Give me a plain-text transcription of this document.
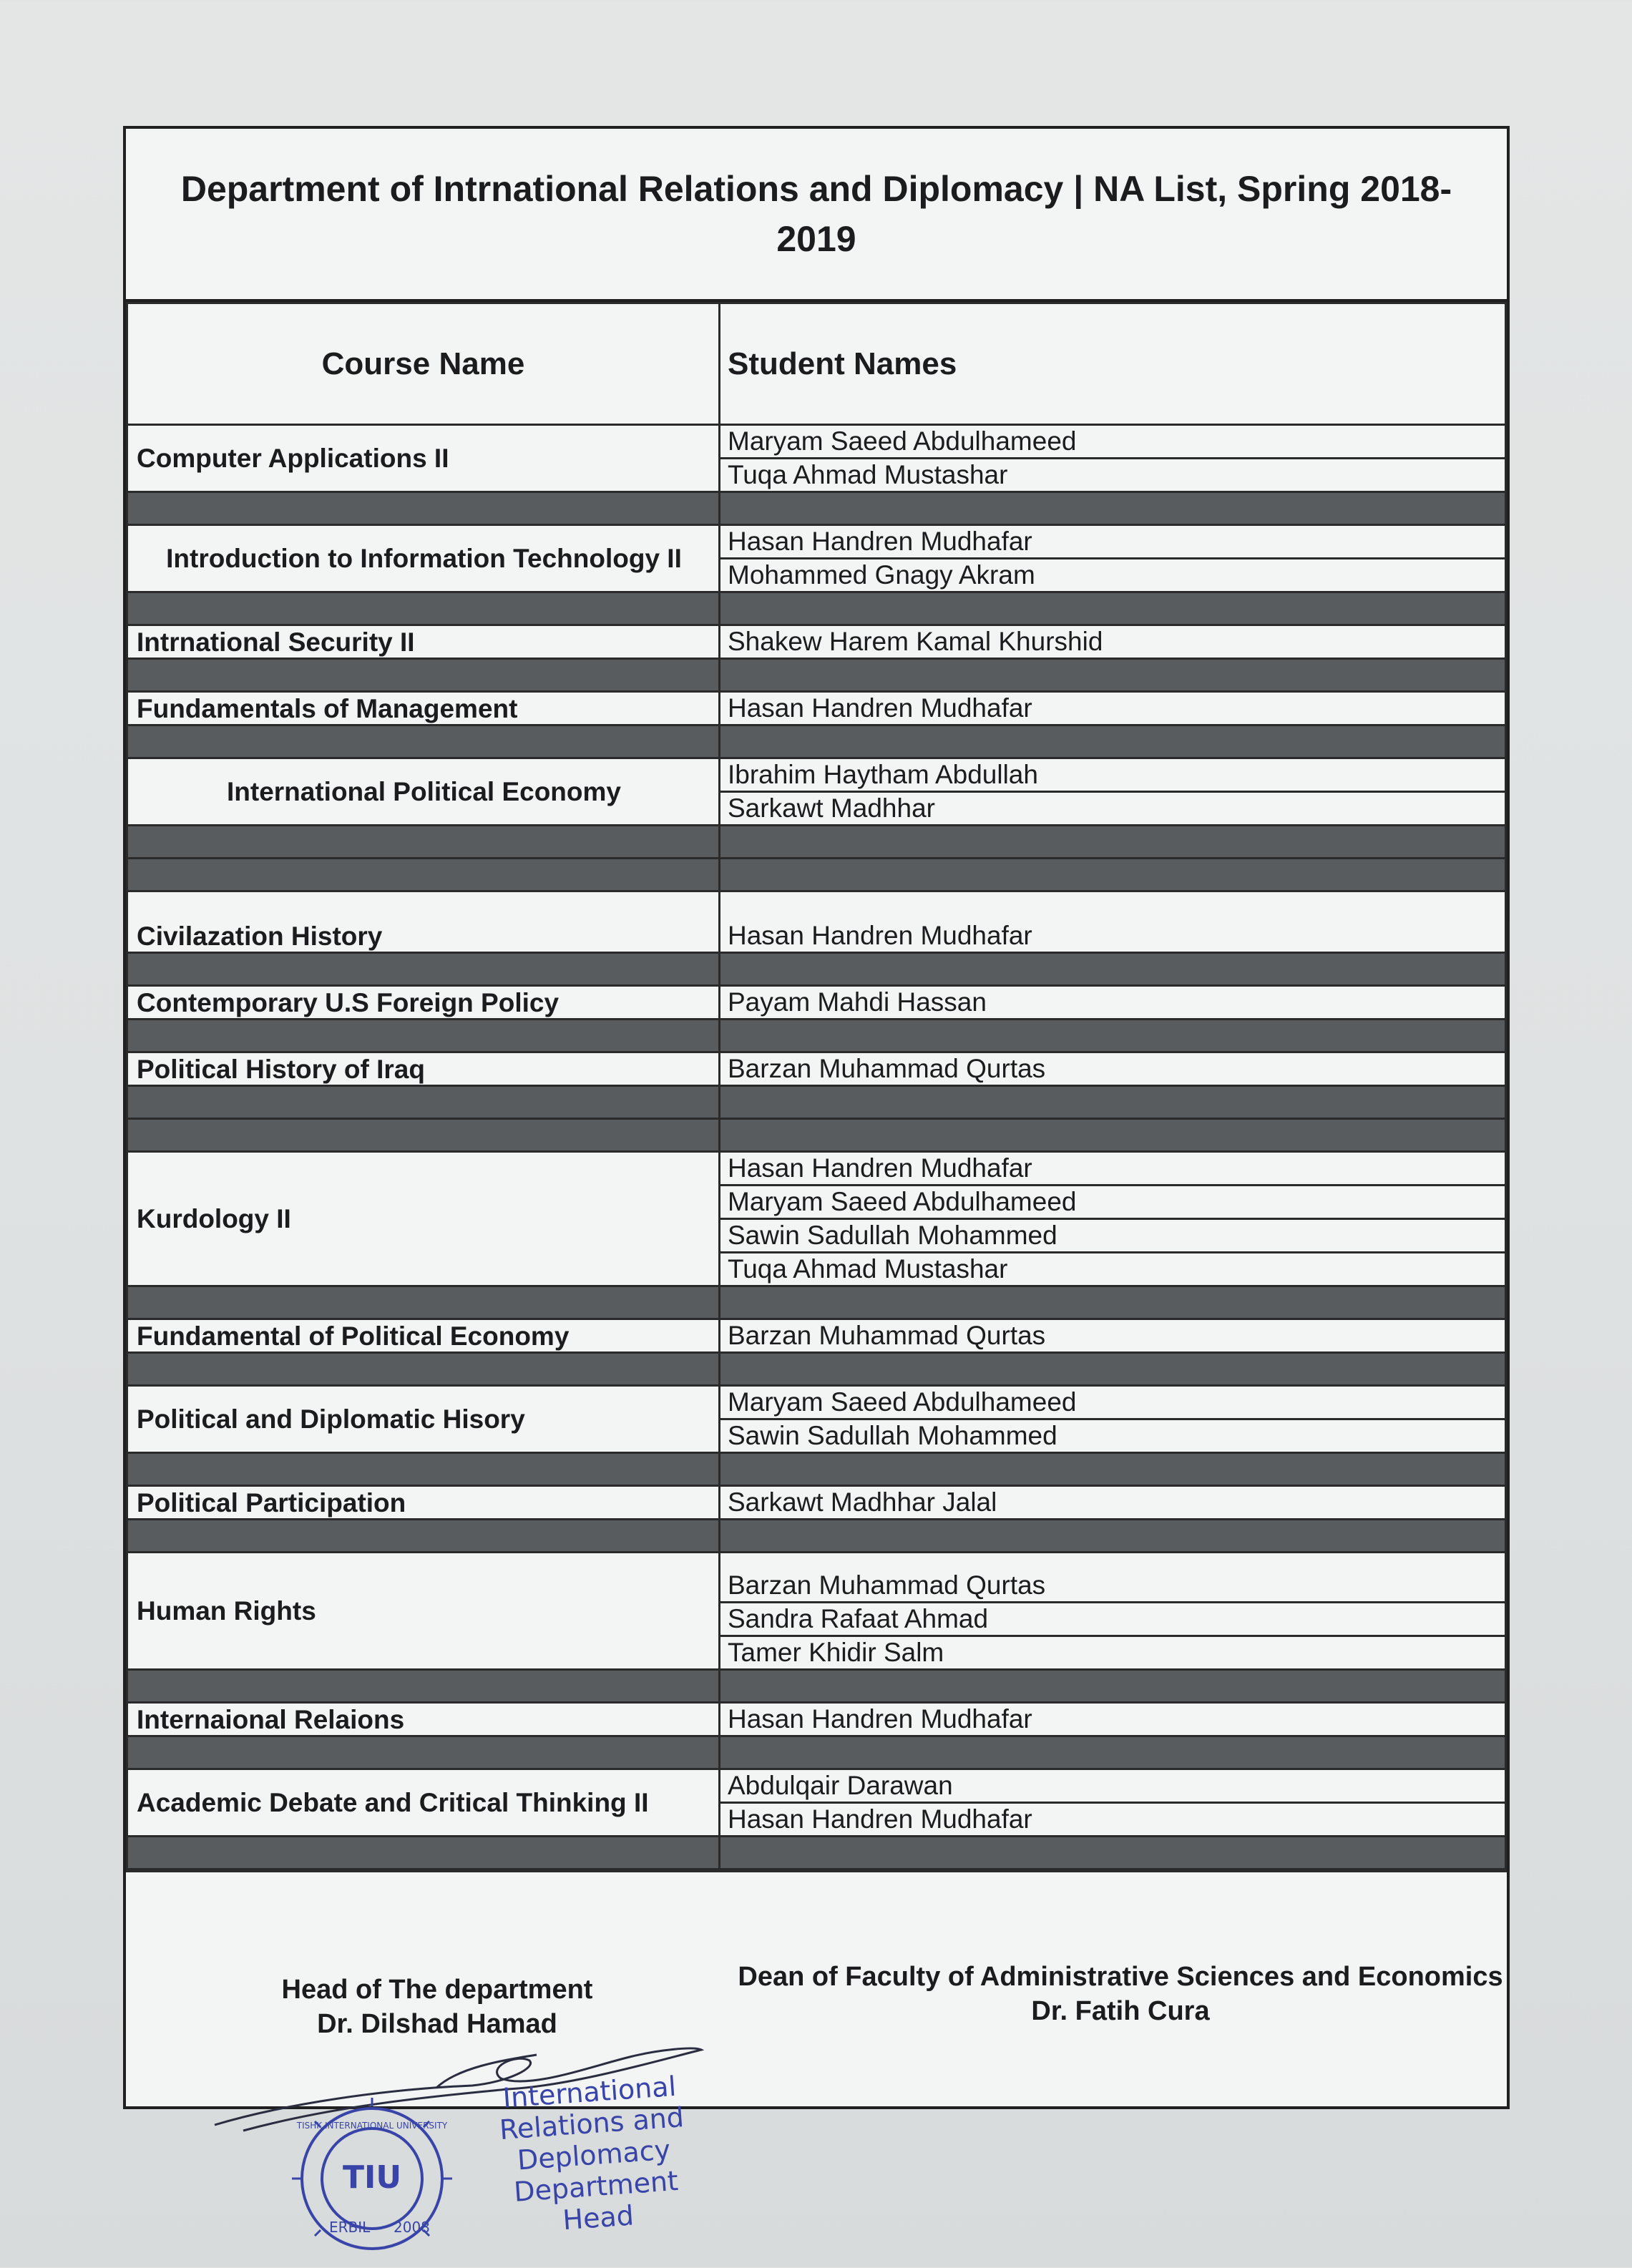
Department of Intrnational Relations and Diplomacy | NA List, Spring 2018-2019
Course Name	Student Names
Computer Applications II	Maryam Saeed Abdulhameed
	Tuqa Ahmad Mustashar

Introduction to Information Technology II	Hasan Handren Mudhafar
	Mohammed Gnagy Akram

Intrnational Security II	Shakew Harem Kamal Khurshid

Fundamentals of Management	Hasan Handren Mudhafar

International Political Economy	Ibrahim Haytham Abdullah
	Sarkawt Madhhar

Civilazation History	Hasan Handren Mudhafar

Contemporary U.S Foreign Policy	Payam Mahdi Hassan

Political History of Iraq	Barzan Muhammad Qurtas

Kurdology II	Hasan Handren Mudhafar
	Maryam Saeed Abdulhameed
	Sawin Sadullah Mohammed
	Tuqa Ahmad Mustashar

Fundamental of Political Economy	Barzan Muhammad Qurtas

Political and Diplomatic Hisory	Maryam Saeed Abdulhameed
	Sawin Sadullah Mohammed

Political Participation	Sarkawt Madhhar Jalal

Human Rights	Barzan Muhammad Qurtas
	Sandra Rafaat Ahmad
	Tamer Khidir Salm

Internaional Relaions	Hasan Handren Mudhafar

Academic Debate and Critical Thinking II	Abdulqair Darawan
	Hasan Handren Mudhafar

Head of The department
Dr. Dilshad Hamad
Dean of Faculty of Administrative Sciences and Economics
Dr. Fatih Cura
TIU
TISHK INTERNATIONAL UNIVERSITY
ERBIL 2008
International
Relations and
Deplomacy
Department
Head
